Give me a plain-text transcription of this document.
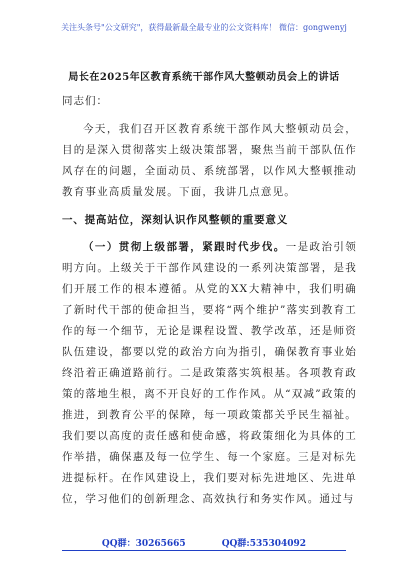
关注头条号"公文研究"，获得最新最全最专业的公文资料库！ 微信：gongwenyj
局长在2025年区教育系统干部作风大整顿动员会上的讲话
同志们：

今天，我们召开区教育系统干部作风大整顿动员会，目的是深入贯彻落实上级决策部署，聚焦当前干部队伍作风存在的问题，全面动员、系统部署，以作风大整顿推动教育事业高质量发展。下面，我讲几点意见。

一、提高站位，深刻认识作风整顿的重要意义

（一）贯彻上级部署，紧跟时代步伐。一是政治引领明方向。上级关于干部作风建设的一系列决策部署，是我们开展工作的根本遵循。从党的XX大精神中，我们明确了新时代干部的使命担当，要将“两个维护”落实到教育工作的每一个细节，无论是课程设置、教学改革，还是师资队伍建设，都要以党的政治方向为指引，确保教育事业始终沿着正确道路前行。二是政策落实筑根基。各项教育政策的落地生根，离不开良好的工作作风。从“双减”政策的推进，到教育公平的保障，每一项政策都关乎民生福祉。我们要以高度的责任感和使命感，将政策细化为具体的工作举措，确保惠及每一位学生、每一个家庭。三是对标先进提标杆。在作风建设上，我们要对标先进地区、先进单位，学习他们的创新理念、高效执行和务实作风。通过与

QQ群：30265665	QQ群:535304092
